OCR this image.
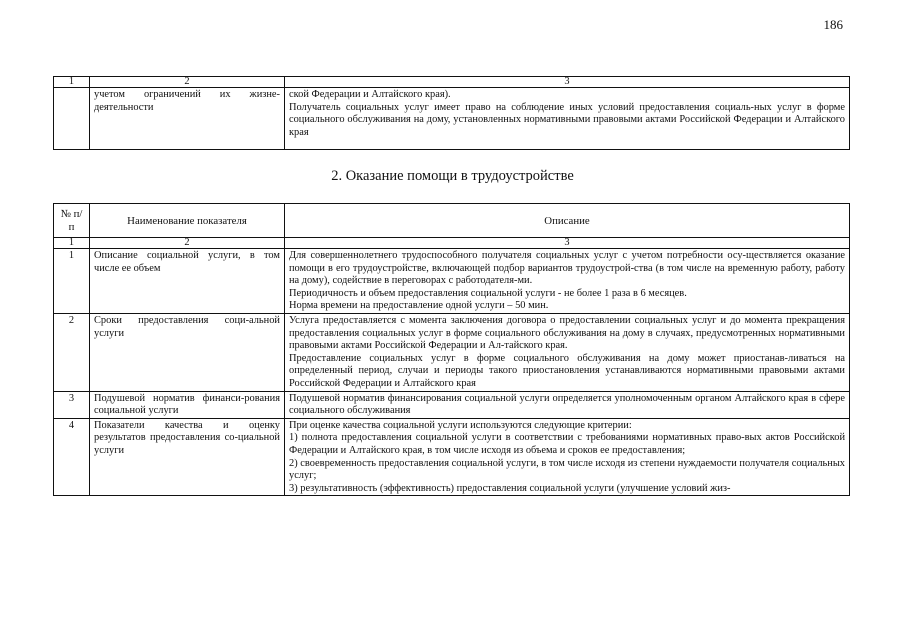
186
1	2	3
	учетом ограничений их жизне-деятельности	ской Федерации и Алтайского края).

Получатель социальных услуг имеет право на соблюдение иных условий предоставления социаль-ных услуг в форме социального обслуживания на дому, установленных нормативными правовыми актами Российской Федерации и Алтайского края

2. Оказание помощи в трудоустройстве
№ п/п	Наименование показателя	Описание
1	2	3
1	Описание социальной услуги, в том числе ее объем	Для совершеннолетнего трудоспособного получателя социальных услуг с учетом потребности осу-ществляется оказание помощи в его трудоустройстве, включающей подбор вариантов трудоустрой-ства (в том числе на временную работу, работу на дому), содействие в переговорах с работодателя-ми.

Периодичность и объем предоставления социальной услуги - не более 1 раза в 6 месяцев.

Норма времени на предоставление одной услуги – 50 мин.

2	Сроки предоставления соци-альной услуги	Услуга предоставляется с момента заключения договора о предоставлении социальных услуг и до момента прекращения предоставления социальных услуг в форме социального обслуживания на дому в случаях, предусмотренных нормативными правовыми актами Российской Федерации и Ал-тайского края.

Предоставление социальных услуг в форме социального обслуживания на дому может приостанав-ливаться на определенный период, случаи и периоды такого приостановления устанавливаются нормативными правовыми актами Российской Федерации и Алтайского края

3	Подушевой норматив финанси-рования социальной услуги	Подушевой норматив финансирования социальной услуги определяется уполномоченным органом Алтайского края в сфере социального обслуживания

4	Показатели качества и оценку результатов предоставления со-циальной услуги	При оценке качества социальной услуги используются следующие критерии:

1) полнота предоставления социальной услуги в соответствии с требованиями нормативных право-вых актов Российской Федерации и Алтайского края, в том числе исходя из объема и сроков ее предоставления;

2) своевременность предоставления социальной услуги, в том числе исходя из степени нуждаемости получателя социальных услуг;

3) результативность (эффективность) предоставления социальной услуги (улучшение условий жиз-
